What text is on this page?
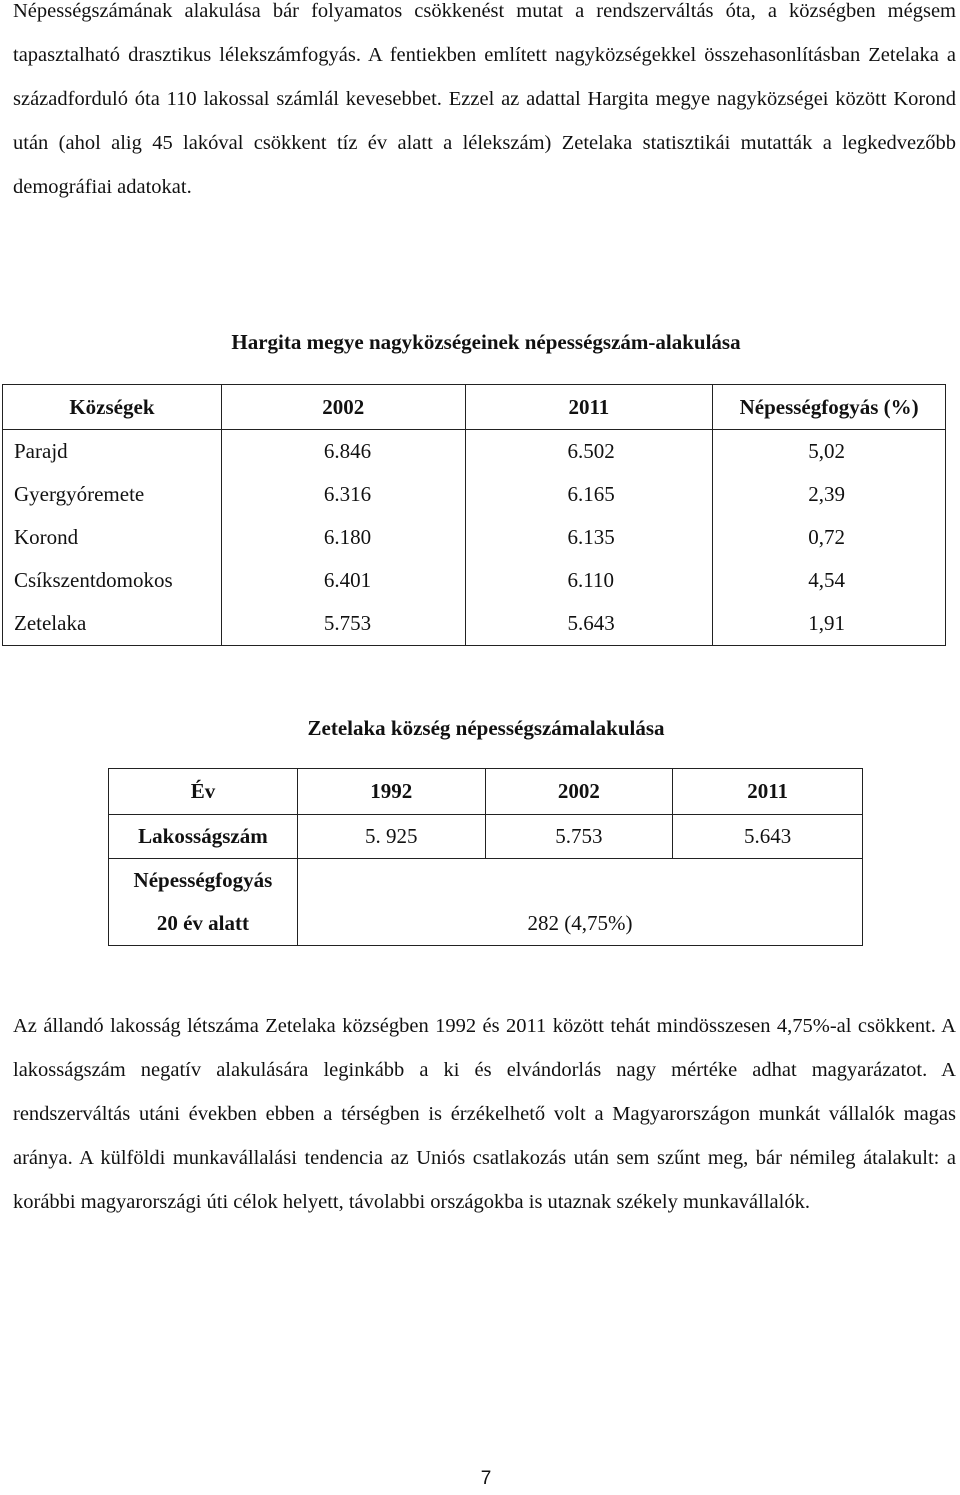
Népességszámának alakulása bár folyamatos csökkenést mutat a rendszerváltás óta, a községben mégsem tapasztalható drasztikus lélekszámfogyás. A fentiekben említett nagyközségekkel összehasonlításban Zetelaka a századforduló óta 110 lakossal számlál kevesebbet. Ezzel az adattal Hargita megye nagyközségei között Korond után (ahol alig 45 lakóval csökkent tíz év alatt a lélekszám) Zetelaka statisztikái mutatták a legkedvezőbb demográfiai adatokat.

Hargita megye nagyközségeinek népességszám-alakulása
Községek	2002	2011	Népességfogyás (%)
Parajd	6.846	6.502	5,02
Gyergyóremete	6.316	6.165	2,39
Korond	6.180	6.135	0,72
Csíkszentdomokos	6.401	6.110	4,54
Zetelaka	5.753	5.643	1,91
Zetelaka község népességszámalakulása
Év	1992	2002	2011
Lakosságszám	5. 925	5.753	5.643

Népességfogyás
20 év alatt	282 (4,75%)		

Az állandó lakosság létszáma Zetelaka községben 1992 és 2011 között tehát mindösszesen 4,75%-al csökkent. A lakosságszám negatív alakulására leginkább a ki és elvándorlás nagy mértéke adhat magyarázatot. A rendszerváltás utáni években ebben a térségben is érzékelhető volt a Magyarországon munkát vállalók magas aránya. A külföldi munkavállalási tendencia az Uniós csatlakozás után sem szűnt meg, bár némileg átalakult: a korábbi magyarországi úti célok helyett, távolabbi országokba is utaznak székely munkavállalók.

7
